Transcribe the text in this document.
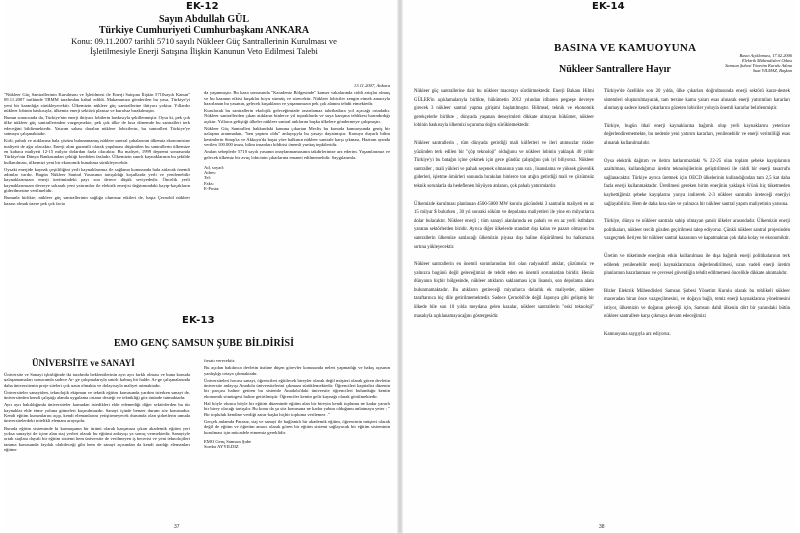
EK-12
Sayın Abdullah GÜL
Türkiye Cumhuriyeti Cumhurbaşkanı ANKARA
Konu: 09.11.2007 tarihli 5710 sayılı Nükleer Güç Santrallerinin Kurulması ve
İşletilmesiyle Enerji Satışına İlişkin Kanunun Veto Edilmesi Talebi

"Nükleer Güç Santrallerinin Kurulması ve İşletilmesi ile Enerji Satışına İlişkin 5710sayılı Kanun" 09.11.2007 tarihinde TBMM tarafından kabul edildi. Makamınıza gönderilen bu yasa, Türkiye'yi yeni bir karanlığa sürükleyecektir. Ülkemizin nükleer güç santrallerine ihtiyacı yoktur. Yıllardır nükleer lobinin baskısıyla, ülkemiz enerji sektörü plansız ve kuralsız bırakılmıştır.

Bunun sonucunda da, Türkiye'nin enerji ihtiyacı lobilerin baskısıyla şekillenmiştir. Oysa ki, pek çok ülke nükleer güç santrallerinden vazgeçmekte, pek çok ülke de kısa dönemde bu santralleri terk edeceğini bildirmektedir. Yatırım sahası daralan nükleer lobicilerin, bu santralleri Türkiye'ye satmaya çalışmaktadır.

Kirli, pahalı ve atıklarına hala çözüm bulunamamış nükleer santral çabalarının ülkemiz ekonomisine maliyeti de ağır olacaktır. Enerji alım garantili olarak yapılması düşünülen bu santrallerin ülkemize en kabaca maliyeti 12-15 milyar dolardan fazla olacaktır. Bu maliyet, 1999 depremi sonrasında Türkiye'nin Dünya Bankasından çektiği krediden fazladır. Ülkemizin sınırlı kaynaklarının bu şekilde kullanılması, ülkemizi yeni bir ekonomik bunalıma sürükleyecektir.

Oysaki enerjide kaynak çeşitliliğini yerli kaynaklarımız ile sağlama konusunda hala atılacak önemli adımlar vardır. Bugün Nükleer Santral Yasasının tartışıldığı koşullarda yerli ve yenilenebilir kaynaklarımızın enerji üretimindeki payı son derece düşük seviyededir. Öncelik yerli kaynaklarımızın devreye sokarak yeni yatırımlar ile elektrik enerjisi dağıtımındaki kayıp-kaçakların giderilmesine verilmelidir.

Bununla birlikte, nükleer güç santrallerinin sağlığa olumsuz etkileri de, başta Çernobil nükleer kazası olmak üzere pek çok facia

13.11.2007, Ankara

da yaşanmıştır. Bu kaza sonrasında "Karadeniz Bölgesinde" kanser vakalarında ciddi artışlar olmuş ve bu kazanın etkisi kuşaklar boyu sürmüş ve sürecektir. Nükleer lobiciler zengin etmek amacıyla hazırlanan bu yasanın, gelecek kuşakların ve yaşamımızın pek çok alanını tehdit etmektedir.

Kurulacak bu santrallerin ekolojik geleceğimizde onarılamaz tahribatlara yol açacağı ortadadır. Nükleer santrallerden çıkan atıkların binlerce yıl topraklarda ve suya karışma tehlikesi barındırdığı açıktır. Yıllarca geliştiği ülkeler nükleer santral atıklarını başka ülkelere göndermeye çalışmıştır.

Nükleer Güç Santralleri hakkındaki kanuna çıkartan Meclis bu konuda kamuoyunda geniş bir uzlaşma aranmadan, "ben yaptım oldu" anlayışıyla bu yasayı dayatmıştır. Konuya duyarlı bilim kesimlerin Sinop'ta ve Akkuyu'da başta yöre halkının nükleer santrale karşı çıkması, Haziran ayında verilen 100.000 imza, bilim insanları bildirisi önemli yurttaş tepkileridir.

Anılan sebeplerle 5710 sayılı yasanın onaylanmamasının takdirlerinize arz ederim. Yaşamlarımız ve gelecek ülkemiz bir avuç lobicinin çıkarlarına emanet edilmemelidir. Saygılarımla.

Ad, soyad:

Adres:

Tel:

Faks:

E-Posta:

EK-13
EMO GENÇ SAMSUN ŞUBE BİLDİRİSİ
ÜNİVERSİTE ve SANAYİ

Üniversite ve Sanayi işbirliğinde iki tarafında beklentilerinin ayrı ayrı farklı olması ve buna konuda uzlaşamamaları sonucunda sadece Ar- ge çalışmalarıyla sınırlı kalmış bir halde. Ar-ge çalışmalarında daha üniversitenin proje siteleri çok uzun olmakta ve dolayısıyla maliyet artmaktadır.

Üniversiteler sanayiden, teknolojik ekipman ve teknik eğitim konusunda yardım isterken sanayi de, üniversiteden kendi çalıştığı alanda uygulama ortamı desteği ve teknikliği göz önünde tutmaktadır.

Ayrı ayrı bakıldığında üniversiteler kamudan istedikleri elde edemediği diğer sektörlerden bu tür kaynaklar elde etme yoluna gitmeleri kaçınılmazdır. Sanayi içinde benzer durum söz konusudur. Kendi eğitim kurumlarını açıp, kendi elemanlarını yetiştirmeyecek durumda olan şirketlerin umuda üniversitelerdeki nitelikli elemanı arayışıdır.

Burada eğitim sisteminde ki karmaşanın bir ürünü olarak karşımıza çıkan akademik eğitim yeri yoksa sanayiyi de içine alan staj yerleri olarak bu eğitimi anlayışı ya sonuç vermektedir. Sanayiyle ortak stajlara dayalı bir eğitim sistemi hem üniversite de verilmeyen iş becerisi ve yeni teknolojileri tanıma konusunda faydalı olabileceği gibi hem de sanayi açısından da kendi aradığı elemanları eğitme

fırsatı verecektir.

Bu açıdan bakılınca devletin üstüne düşen görevler konusunda neleri yapmadığı ve bakış açısının yanlışlığı ortaya çıkmaktadır.

Üniversiteleri hocası sanayi, öğrencileri eğitilecek bireyler olarak değil müşteri olarak gören devletin üniversite anlayışı Anadolu üniversitelerini çıkmaza sürüklemektedir. Öğrencileri kapitalist düzenin bir parçası haline getiren bu sistemle Anadolu'daki üniversite öğrencileri bulunduğu kentin ekonomik sömürgesi haline getirilmiştir. Öğrenciler kentin gelir kaynağı olarak görülmektedir.

Hal böyle olunca böyle bir eğitim düzeninde eğitim alan bir bireyin kendi toplumu ne kadar yararlı bir birey olacağı tartışılır. Bu konu da şu söz konusuna ne kadar yabını olduğunu anlatmaya yeter ; " Bir topluluk kendine verdiği zarar başka hiçbir topluma verilemez ."

Gerçek anlamda Parasız, staj ve sanayi ile bağlantılı bir akademik eğitim, öğrencinin müşteri olarak değil de eğitim ve öğretim amacı olarak gören bir eğitim sistemi sağlayacak bir eğitim sisteminin kurulması için mücadele etmemiz gereklidir.

EMO Genç Samsun Şube

Sordar AYYILDIZ

37
EK-14
BASINA VE KAMUOYUNA
Basın Açıklaması, 17.02.2006
Elektrik Mühendisleri Odası
Samsun Şubesi Yönetim Kurulu Adına
Suat YILMAZ, Başkan
Nükleer Santrallere Hayır

Nükleer güç santrallerine dair bu nükleer macerayı sürdürmektedir. Enerji Bakanı Hilmi GÜLER'in açıklamalarıyla birlikte, hükümetin 2012 yılından itibaren peşpeşe devreye girecek 3 nükleer santral yapma girişimi başlatılmıştır. Bilimsel, teknik ve ekonomik gerekçelerle birlikte , dünyada yaşanan deneyimleri dikkate almayan hükümet, nükleer lobinin baskısıyla ülkemizi uçuruma doğru sürüklemektedir.

Nükleer santrallerin , tüm dünyada getirdiği mali külfetleri ve ileri atımsızlar riskler yüzünden terk edilen bir "çöp teknoloji" olduğunu ve nükleer lobinin yaklaşık 40 yıldır Türkiye'yi bu batağın içine çekmek için gece gündüz çalıştığını çok iyi biliyoruz. Nükleer santraller , mali yükleri ve pahalı seçenek olmasının yanı sıra , lisanslama ve yüksek güvenlik giderleri, işletme ömürleri sonunda bırakılan binlerce ton atığın getirdiği mali ve çözümsüz teknik sorunlarla da hedeflenen büyüyen atılanın, çok pahalı yatırımlardır.

Ülkemizde kurulması planlanan 4500-5000 MW kurulu gücündeki 3 santralin maliyeti en az 15 milyar $ bulurken , 30 yıl sonraki söküm ve depolama maliyetleri ile yine en milyarlarca dolar bulacaktır. Nükleer enerji ; tüm sanayi alanlarında en pahalı ve en az yerli istihdam yaratan sektörlerden biridir. Ayrıca diğer ülkelerde standart dışı kalan ve pazarı olmayan bu santrallerin ülkemize satılacağı ülkemizin piyasa dışı haline düşürülmesi bu halkımızın sırtına yükleyecektir.

Nükleer santrallerin en önemli sorunlarından biri olan radyoaktif atıklar, çözümsüz ve yalnızca bugünü değil geleceğimizi de tehdit eden en önemli sorunlardan biridir. Henüz dünyanın hiçbir bölgesinde, nükleer atıkların saklanması için lisanslı, son depolama alanı bulunmamaktadır. Bu atıkların getireceği miyarlarca dolarlık ek maliyetler, nükleer taraftarınca hiç dile getirilmemektedir. Sadece Çernobil'de değil Japonya gibi gelişmiş bir ülkede bile son 10 yılda meydana gelen kazalar, nükleer santrallerin "eski teknoloji" masalıyla açıklanamayacağını göstergesidir.

Türkiye'de özellikle son 20 yılda, ülke çıkarları doğrultusunda enerji sektörü karar-destek sistemleri oluşturulmayarak, tam tersine kamu yararı esas alınarak enerji yatırımları kararları alınmayıp sadece kendi çıkarlarını gözeten lobiciler yoluyla önemli kararlar belirlenmiştir.

Türkiye, bugün ithal enerji kaynaklarına bağımlı olup yerli kaynaklarını yeterince değerlendirememekte, bu nedenle yeni yatırım kararları, yenilenebilir ve enerji verimliliği esas alınarak kullanılmalıdır.

Oysa elektrik dağıtım ve iletim hatlarımızdaki % 22-25 olan toplam şebeke kayıplarının azaltılması, kullandığımız üretim teknolojilerinin geliştirilmesi ile ciddi bir enerji tasarrufu sağlanacaktır. Türkiye ayrıca üretmek için OECD ülkelerinin kullandığından tam 2,5 kat daha fazla enerji kullanmaktadır. Üretilmesi gereken birim enerjinin yaklaşık ¼'ünü hiç tüketmeden kaybettiğimiz şebeke kayıplarını yarıya indirerek 2-3 nükleer santralin üreteceği enerjiyi sağlayabiliriz. Hem de daha kısa süre ve yalnızca bir nükleer santral yapım maliyetinin yarısına.

Türkiye, dünya ve nükleer santrala sahip olmayan şanslı ülkeler arasındadır. Ülkemizin enerji politikaları, nükleer tercih gözden geçirilmesi talep ediyoruz. Çünkü nükleer santral projesinden vazgeçmek ileriyen bir nükleer santral kazasının ve kapatmaktan çok daha kolay ve ekonomiktir.

Üretim ve tüketimde enerjinin etkin kullanılması ile dışa bağımlı enerji politikalarının terk edilerek yenilenebilir enerji kaynaklarımızın değerlendirilmesi, uzun vadeli enerji üretim planlarının hazırlanması ve çevresel güvenliğin tehdit edilmemesi öncelikle dikkate alınmalıdır.

Bizler Elektrik Mühendisleri Samsun Şubesi Yönetim Kurulu olarak bu tehlikeli nükleer maceradan biran önce vazgeçilmesini, ve doğaya bağlı, temiz enerji kaynaklarına yönelmesini istiyor, ülkemizin ve doğanın geleceği için, Samsun dahil ülkenin dört bir yanındaki bütün nükleer santrallere karşı çıkmaya devam edeceğimizi

Kamuoyuna saygıyla arz ediyoruz.

38
